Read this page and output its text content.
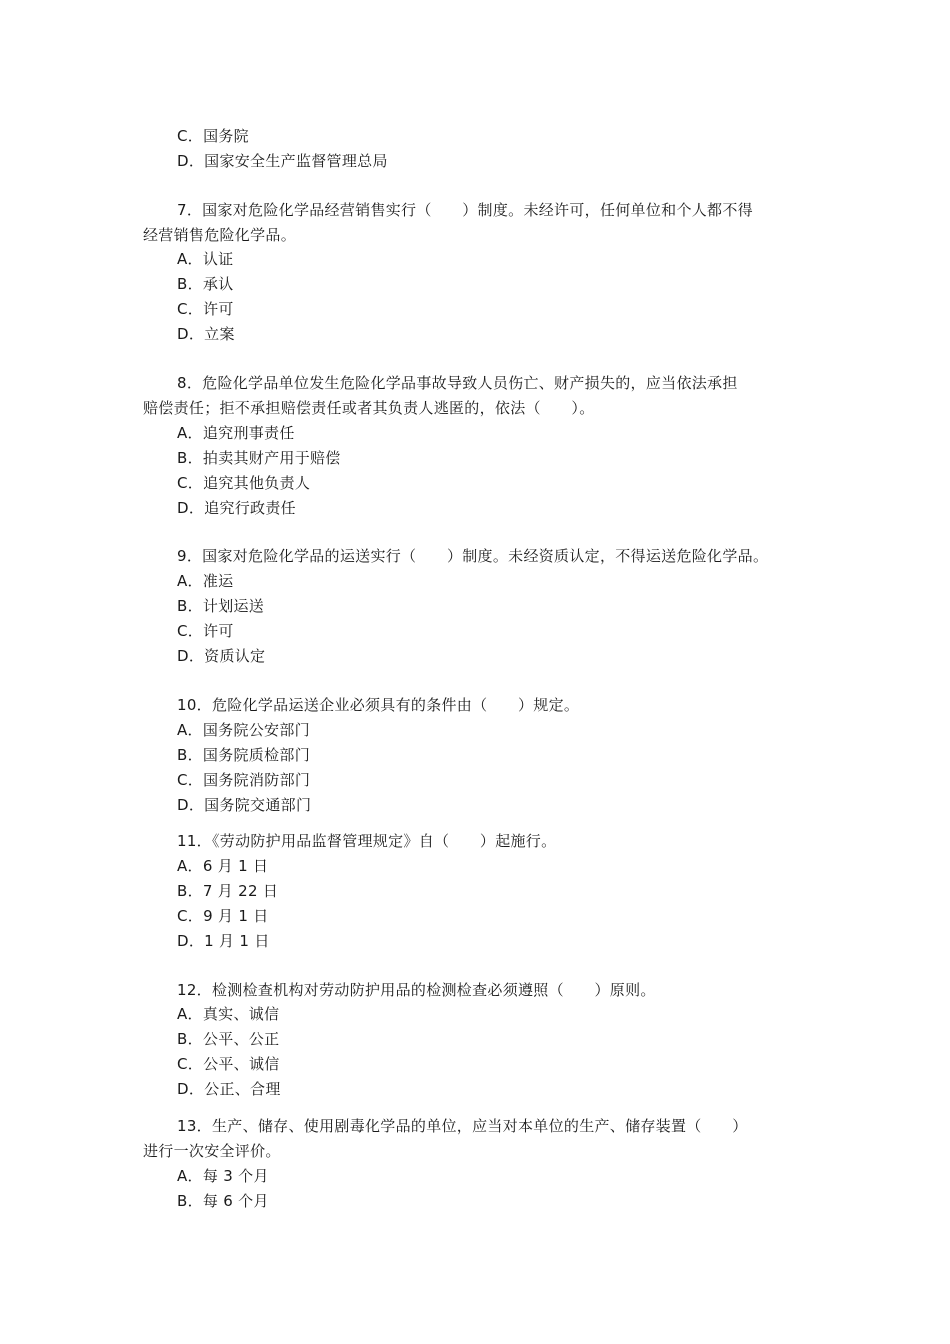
C．国务院
D．国家安全生产监督管理总局
7．国家对危险化学品经营销售实行（　　）制度。未经许可，任何单位和个人都不得
经营销售危险化学品。
A．认证
B．承认
C．许可
D．立案
8．危险化学品单位发生危险化学品事故导致人员伤亡、财产损失的，应当依法承担
赔偿责任；拒不承担赔偿责任或者其负责人逃匿的，依法（　　）。
A．追究刑事责任
B．拍卖其财产用于赔偿
C．追究其他负责人
D．追究行政责任
9．国家对危险化学品的运送实行（　　）制度。未经资质认定，不得运送危险化学品。
A．准运
B．计划运送
C．许可
D．资质认定
10．危险化学品运送企业必须具有的条件由（　　）规定。
A．国务院公安部门
B．国务院质检部门
C．国务院消防部门
D．国务院交通部门
11．《劳动防护用品监督管理规定》自（　　）起施行。
A．6 月 1 日
B．7 月 22 日
C．9 月 1 日
D．1 月 1 日
12．检测检查机构对劳动防护用品的检测检查必须遵照（　　）原则。
A．真实、诚信
B．公平、公正
C．公平、诚信
D．公正、合理
13．生产、储存、使用剧毒化学品的单位，应当对本单位的生产、储存装置（　　）
进行一次安全评价。
A．每 3 个月
B．每 6 个月
